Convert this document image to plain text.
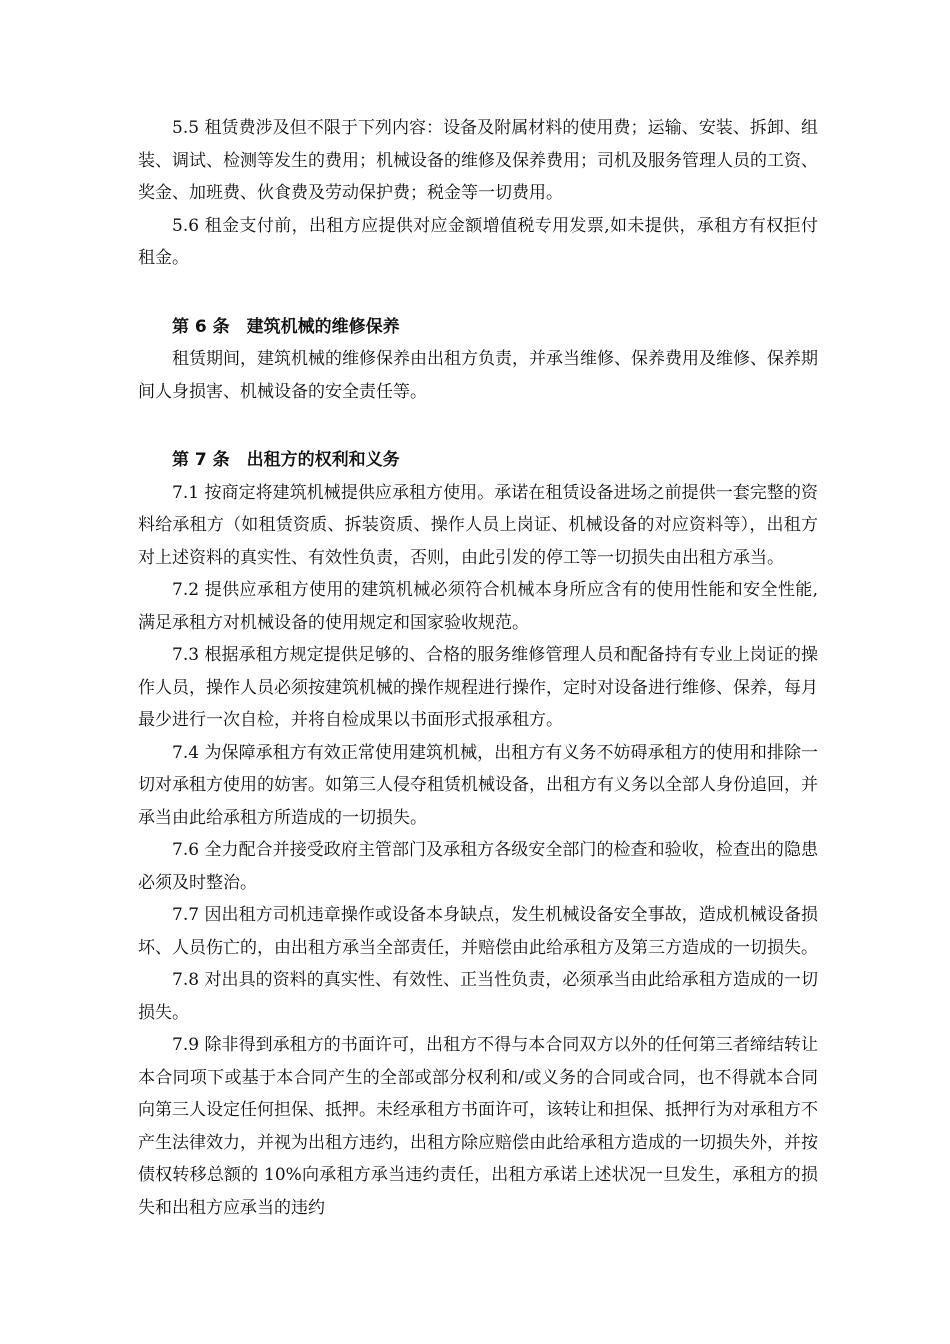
5.5 租赁费涉及但不限于下列内容：设备及附属材料的使用费；运输、安装、拆卸、组装、调试、检测等发生的费用；机械设备的维修及保养费用；司机及服务管理人员的工资、奖金、加班费、伙食费及劳动保护费；税金等一切费用。

5.6 租金支付前，出租方应提供对应金额增值税专用发票,如未提供，承租方有权拒付租金。

第 6 条　建筑机械的维修保养

租赁期间，建筑机械的维修保养由出租方负责，并承当维修、保养费用及维修、保养期间人身损害、机械设备的安全责任等。

第 7 条　出租方的权利和义务

7.1 按商定将建筑机械提供应承租方使用。承诺在租赁设备进场之前提供一套完整的资料给承租方（如租赁资质、拆装资质、操作人员上岗证、机械设备的对应资料等），出租方对上述资料的真实性、有效性负责，否则，由此引发的停工等一切损失由出租方承当。

7.2 提供应承租方使用的建筑机械必须符合机械本身所应含有的使用性能和安全性能,满足承租方对机械设备的使用规定和国家验收规范。

7.3 根据承租方规定提供足够的、合格的服务维修管理人员和配备持有专业上岗证的操作人员，操作人员必须按建筑机械的操作规程进行操作，定时对设备进行维修、保养，每月最少进行一次自检，并将自检成果以书面形式报承租方。

7.4 为保障承租方有效正常使用建筑机械，出租方有义务不妨碍承租方的使用和排除一切对承租方使用的妨害。如第三人侵夺租赁机械设备，出租方有义务以全部人身份追回，并承当由此给承租方所造成的一切损失。

7.6 全力配合并接受政府主管部门及承租方各级安全部门的检查和验收，检查出的隐患必须及时整治。

7.7 因出租方司机违章操作或设备本身缺点，发生机械设备安全事故，造成机械设备损坏、人员伤亡的，由出租方承当全部责任，并赔偿由此给承租方及第三方造成的一切损失。

7.8 对出具的资料的真实性、有效性、正当性负责，必须承当由此给承租方造成的一切损失。

7.9 除非得到承租方的书面许可，出租方不得与本合同双方以外的任何第三者缔结转让本合同项下或基于本合同产生的全部或部分权利和/或义务的合同或合同，也不得就本合同向第三人设定任何担保、抵押。未经承租方书面许可，该转让和担保、抵押行为对承租方不产生法律效力，并视为出租方违约，出租方除应赔偿由此给承租方造成的一切损失外，并按债权转移总额的 10%向承租方承当违约责任，出租方承诺上述状况一旦发生，承租方的损失和出租方应承当的违约
